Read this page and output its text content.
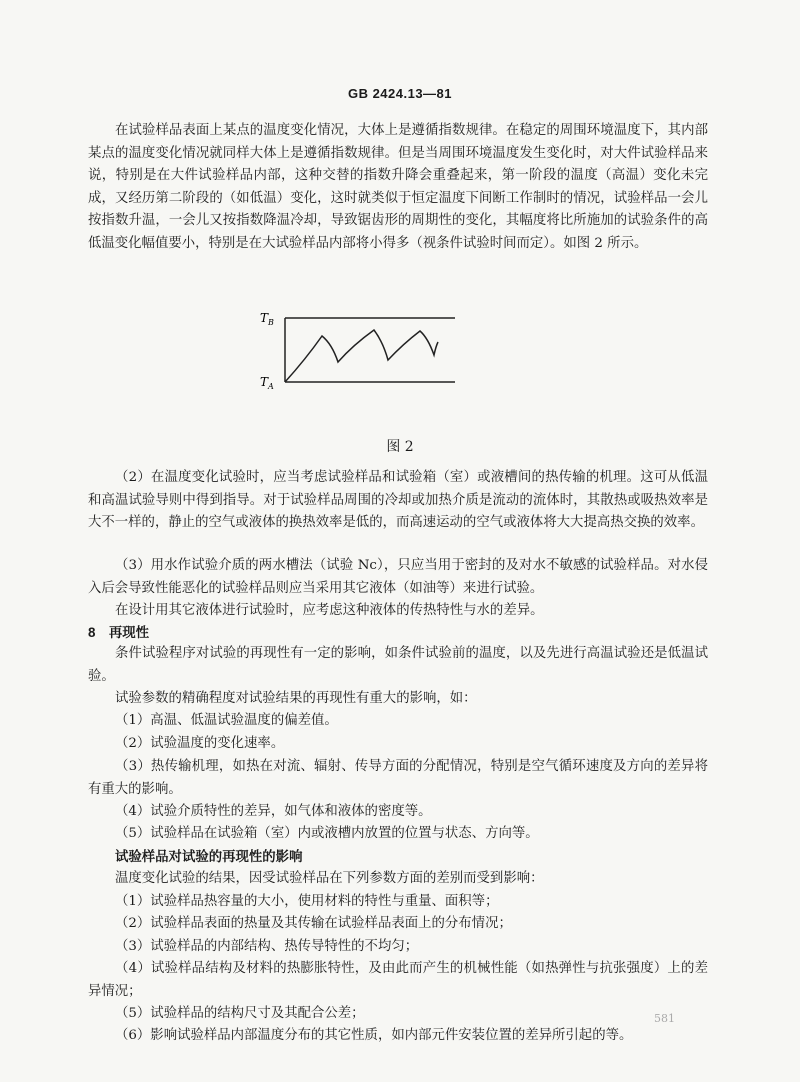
GB 2424.13—81
在试验样品表面上某点的温度变化情况，大体上是遵循指数规律。在稳定的周围环境温度下，其内部某点的温度变化情况就同样大体上是遵循指数规律。但是当周围环境温度发生变化时，对大件试验样品来说，特别是在大件试验样品内部，这种交替的指数升降会重叠起来，第一阶段的温度（高温）变化未完成，又经历第二阶段的（如低温）变化，这时就类似于恒定温度下间断工作制时的情况，试验样品一会儿按指数升温，一会儿又按指数降温冷却，导致锯齿形的周期性的变化，其幅度将比所施加的试验条件的高低温变化幅值要小，特别是在大试验样品内部将小得多（视条件试验时间而定）。如图 2 所示。
$T_B$
$T_A$
图 2
（2）在温度变化试验时，应当考虑试验样品和试验箱（室）或液槽间的热传输的机理。这可从低温和高温试验导则中得到指导。对于试验样品周围的冷却或加热介质是流动的流体时，其散热或吸热效率是大不一样的，静止的空气或液体的换热效率是低的，而高速运动的空气或液体将大大提高热交换的效率。
（3）用水作试验介质的两水槽法（试验 Nc），只应当用于密封的及对水不敏感的试验样品。对水侵入后会导致性能恶化的试验样品则应当采用其它液体（如油等）来进行试验。
在设计用其它液体进行试验时，应考虑这种液体的传热特性与水的差异。
8　再现性
条件试验程序对试验的再现性有一定的影响，如条件试验前的温度，以及先进行高温试验还是低温试验。
试验参数的精确程度对试验结果的再现性有重大的影响，如：
（1）高温、低温试验温度的偏差值。
（2）试验温度的变化速率。
（3）热传输机理，如热在对流、辐射、传导方面的分配情况，特别是空气循环速度及方向的差异将有重大的影响。
（4）试验介质特性的差异，如气体和液体的密度等。
（5）试验样品在试验箱（室）内或液槽内放置的位置与状态、方向等。
试验样品对试验的再现性的影响
温度变化试验的结果，因受试验样品在下列参数方面的差别而受到影响：
（1）试验样品热容量的大小，使用材料的特性与重量、面积等；
（2）试验样品表面的热量及其传输在试验样品表面上的分布情况；
（3）试验样品的内部结构、热传导特性的不均匀；
（4）试验样品结构及材料的热膨胀特性，及由此而产生的机械性能（如热弹性与抗张强度）上的差异情况；
（5）试验样品的结构尺寸及其配合公差；
（6）影响试验样品内部温度分布的其它性质，如内部元件安装位置的差异所引起的等。
581
